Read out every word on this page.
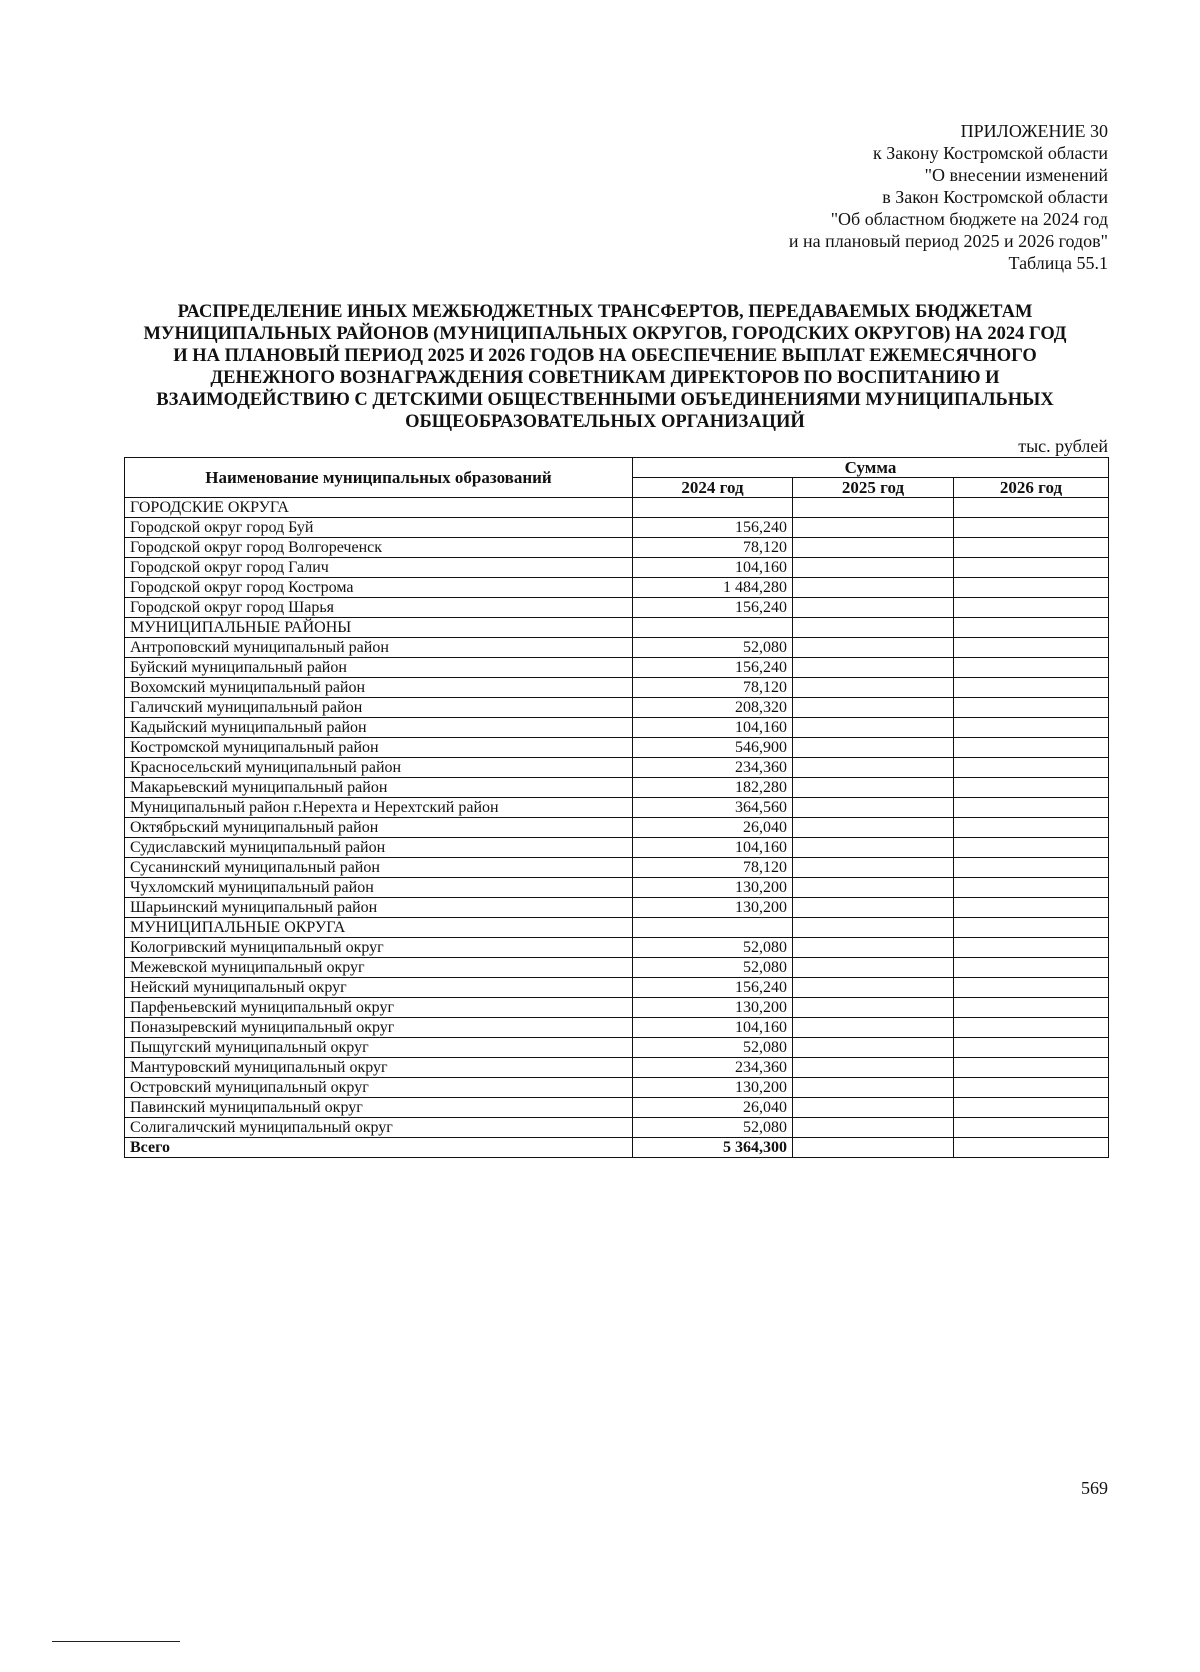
ПРИЛОЖЕНИЕ 30
к Закону Костромской области
"О внесении изменений
в Закон Костромской области
"Об областном бюджете на 2024 год
и на плановый период 2025 и 2026 годов"
Таблица 55.1
РАСПРЕДЕЛЕНИЕ ИНЫХ МЕЖБЮДЖЕТНЫХ ТРАНСФЕРТОВ, ПЕРЕДАВАЕМЫХ БЮДЖЕТАМ
МУНИЦИПАЛЬНЫХ РАЙОНОВ (МУНИЦИПАЛЬНЫХ ОКРУГОВ, ГОРОДСКИХ ОКРУГОВ) НА 2024 ГОД
И НА ПЛАНОВЫЙ ПЕРИОД 2025 И 2026 ГОДОВ НА ОБЕСПЕЧЕНИЕ ВЫПЛАТ ЕЖЕМЕСЯЧНОГО
ДЕНЕЖНОГО ВОЗНАГРАЖДЕНИЯ СОВЕТНИКАМ ДИРЕКТОРОВ ПО ВОСПИТАНИЮ И
ВЗАИМОДЕЙСТВИЮ С ДЕТСКИМИ ОБЩЕСТВЕННЫМИ ОБЪЕДИНЕНИЯМИ МУНИЦИПАЛЬНЫХ
ОБЩЕОБРАЗОВАТЕЛЬНЫХ ОРГАНИЗАЦИЙ
тыс. рублей
Наименование муниципальных образований	Сумма		
	2024 год	2025 год	2026 год
ГОРОДСКИЕ ОКРУГА			
Городской округ город Буй	156,240		
Городской округ город Волгореченск	78,120		
Городской округ город Галич	104,160		
Городской округ город Кострома	1 484,280		
Городской округ город Шарья	156,240		
МУНИЦИПАЛЬНЫЕ РАЙОНЫ			
Антроповский муниципальный район	52,080		
Буйский муниципальный район	156,240		
Вохомский муниципальный район	78,120		
Галичский муниципальный район	208,320		
Кадыйский муниципальный район	104,160		
Костромской муниципальный район	546,900		
Красносельский муниципальный район	234,360		
Макарьевский муниципальный район	182,280		
Муниципальный район г.Нерехта и Нерехтский район	364,560		
Октябрьский муниципальный район	26,040		
Судиславский муниципальный район	104,160		
Сусанинский муниципальный район	78,120		
Чухломский муниципальный район	130,200		
Шарьинский муниципальный район	130,200		
МУНИЦИПАЛЬНЫЕ ОКРУГА			
Кологривский муниципальный округ	52,080		
Межевской муниципальный округ	52,080		
Нейский муниципальный округ	156,240		
Парфеньевский муниципальный округ	130,200		
Поназыревский муниципальный округ	104,160		
Пыщугский муниципальный округ	52,080		
Мантуровский муниципальный округ	234,360		
Островский муниципальный округ	130,200		
Павинский муниципальный округ	26,040		
Солигаличский муниципальный округ	52,080		
Всего	5 364,300		
569
